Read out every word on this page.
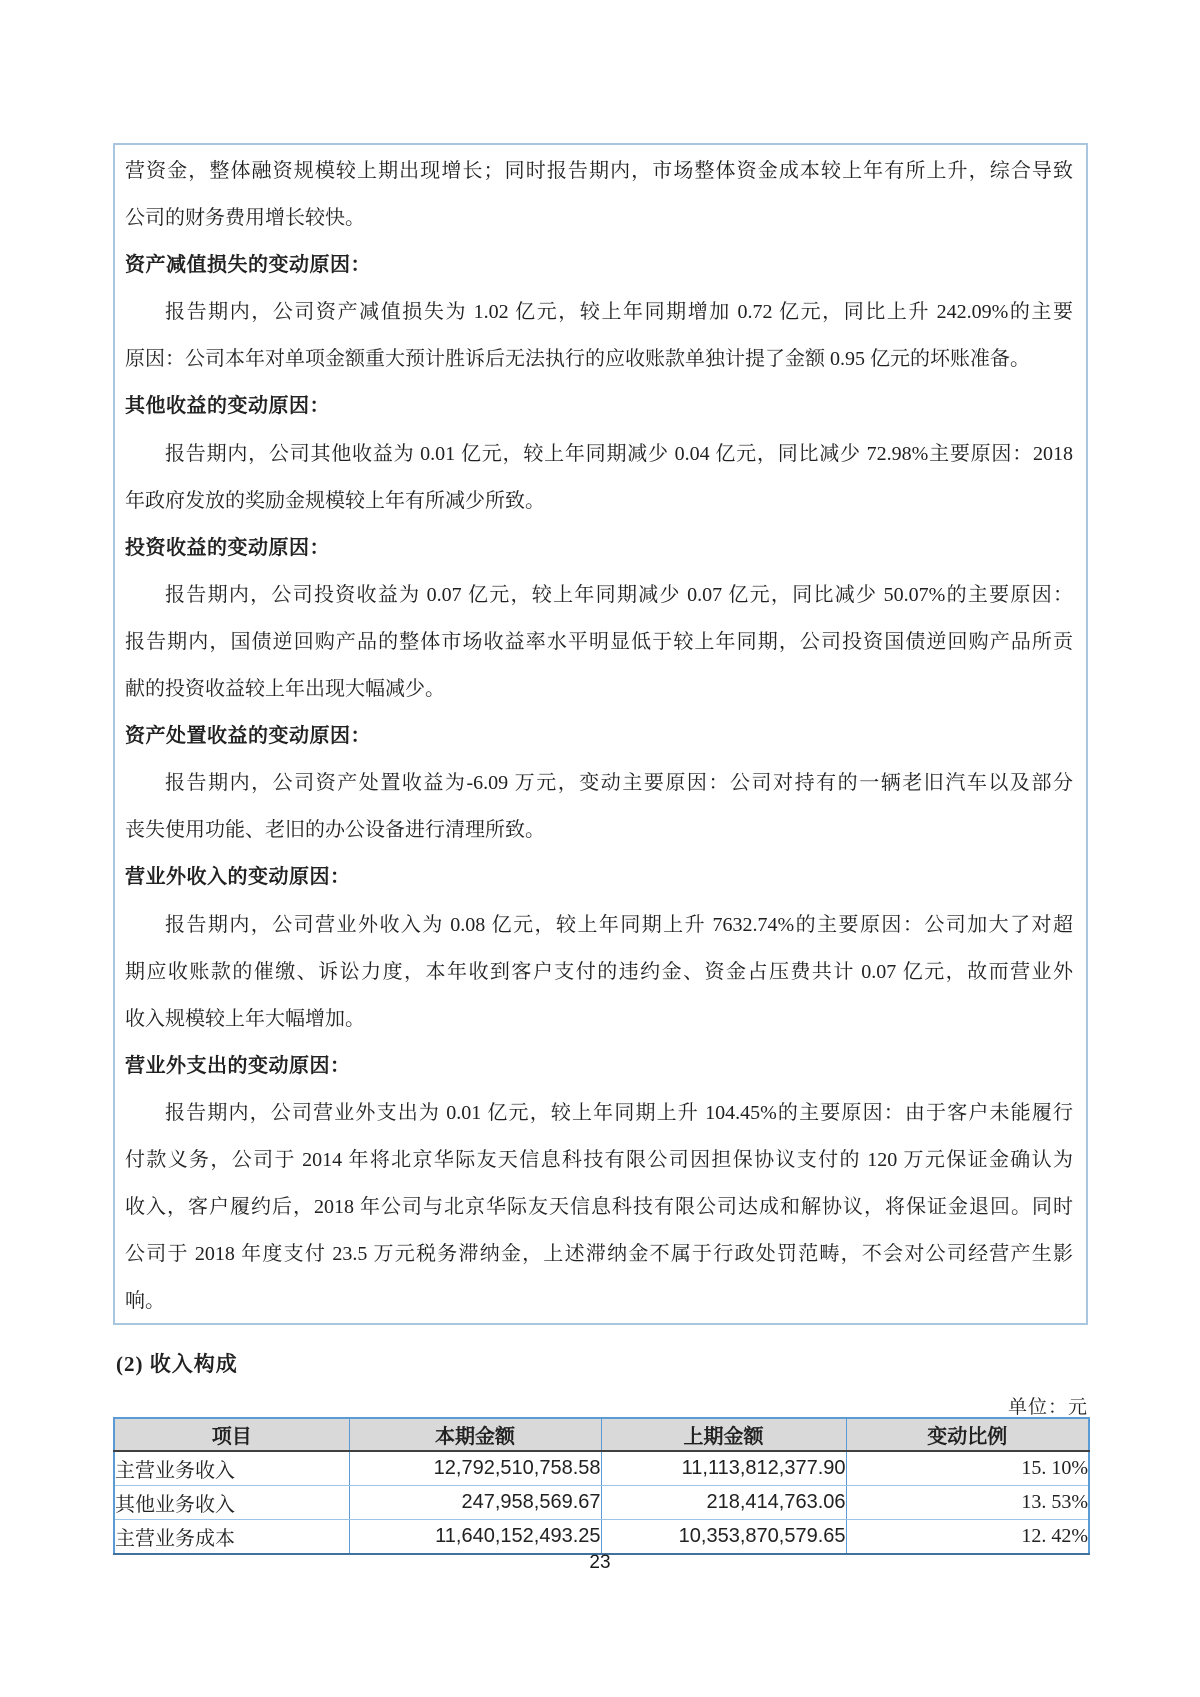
营资金，整体融资规模较上期出现增长；同时报告期内，市场整体资金成本较上年有所上升，综合导致
公司的财务费用增长较快。
资产减值损失的变动原因：
报告期内，公司资产减值损失为 1.02 亿元，较上年同期增加 0.72 亿元，同比上升 242.09%的主要
原因：公司本年对单项金额重大预计胜诉后无法执行的应收账款单独计提了金额 0.95 亿元的坏账准备。
其他收益的变动原因：
报告期内，公司其他收益为 0.01 亿元，较上年同期减少 0.04 亿元，同比减少 72.98%主要原因：2018
年政府发放的奖励金规模较上年有所减少所致。
投资收益的变动原因：
报告期内，公司投资收益为 0.07 亿元，较上年同期减少 0.07 亿元，同比减少 50.07%的主要原因：
报告期内，国债逆回购产品的整体市场收益率水平明显低于较上年同期，公司投资国债逆回购产品所贡
献的投资收益较上年出现大幅减少。
资产处置收益的变动原因：
报告期内，公司资产处置收益为-6.09 万元，变动主要原因：公司对持有的一辆老旧汽车以及部分
丧失使用功能、老旧的办公设备进行清理所致。
营业外收入的变动原因：
报告期内，公司营业外收入为 0.08 亿元，较上年同期上升 7632.74%的主要原因：公司加大了对超
期应收账款的催缴、诉讼力度，本年收到客户支付的违约金、资金占压费共计 0.07 亿元，故而营业外
收入规模较上年大幅增加。
营业外支出的变动原因：
报告期内，公司营业外支出为 0.01 亿元，较上年同期上升 104.45%的主要原因：由于客户未能履行
付款义务，公司于 2014 年将北京华际友天信息科技有限公司因担保协议支付的 120 万元保证金确认为
收入，客户履约后，2018 年公司与北京华际友天信息科技有限公司达成和解协议，将保证金退回。同时
公司于 2018 年度支付 23.5 万元税务滞纳金，上述滞纳金不属于行政处罚范畴，不会对公司经营产生影
响。
(2) 收入构成
单位：元
项目	本期金额	上期金额	变动比例
主营业务收入	12,792,510,758.58	11,113,812,377.90	15. 10%
其他业务收入	247,958,569.67	218,414,763.06	13. 53%
主营业务成本	11,640,152,493.25	10,353,870,579.65	12. 42%
23
